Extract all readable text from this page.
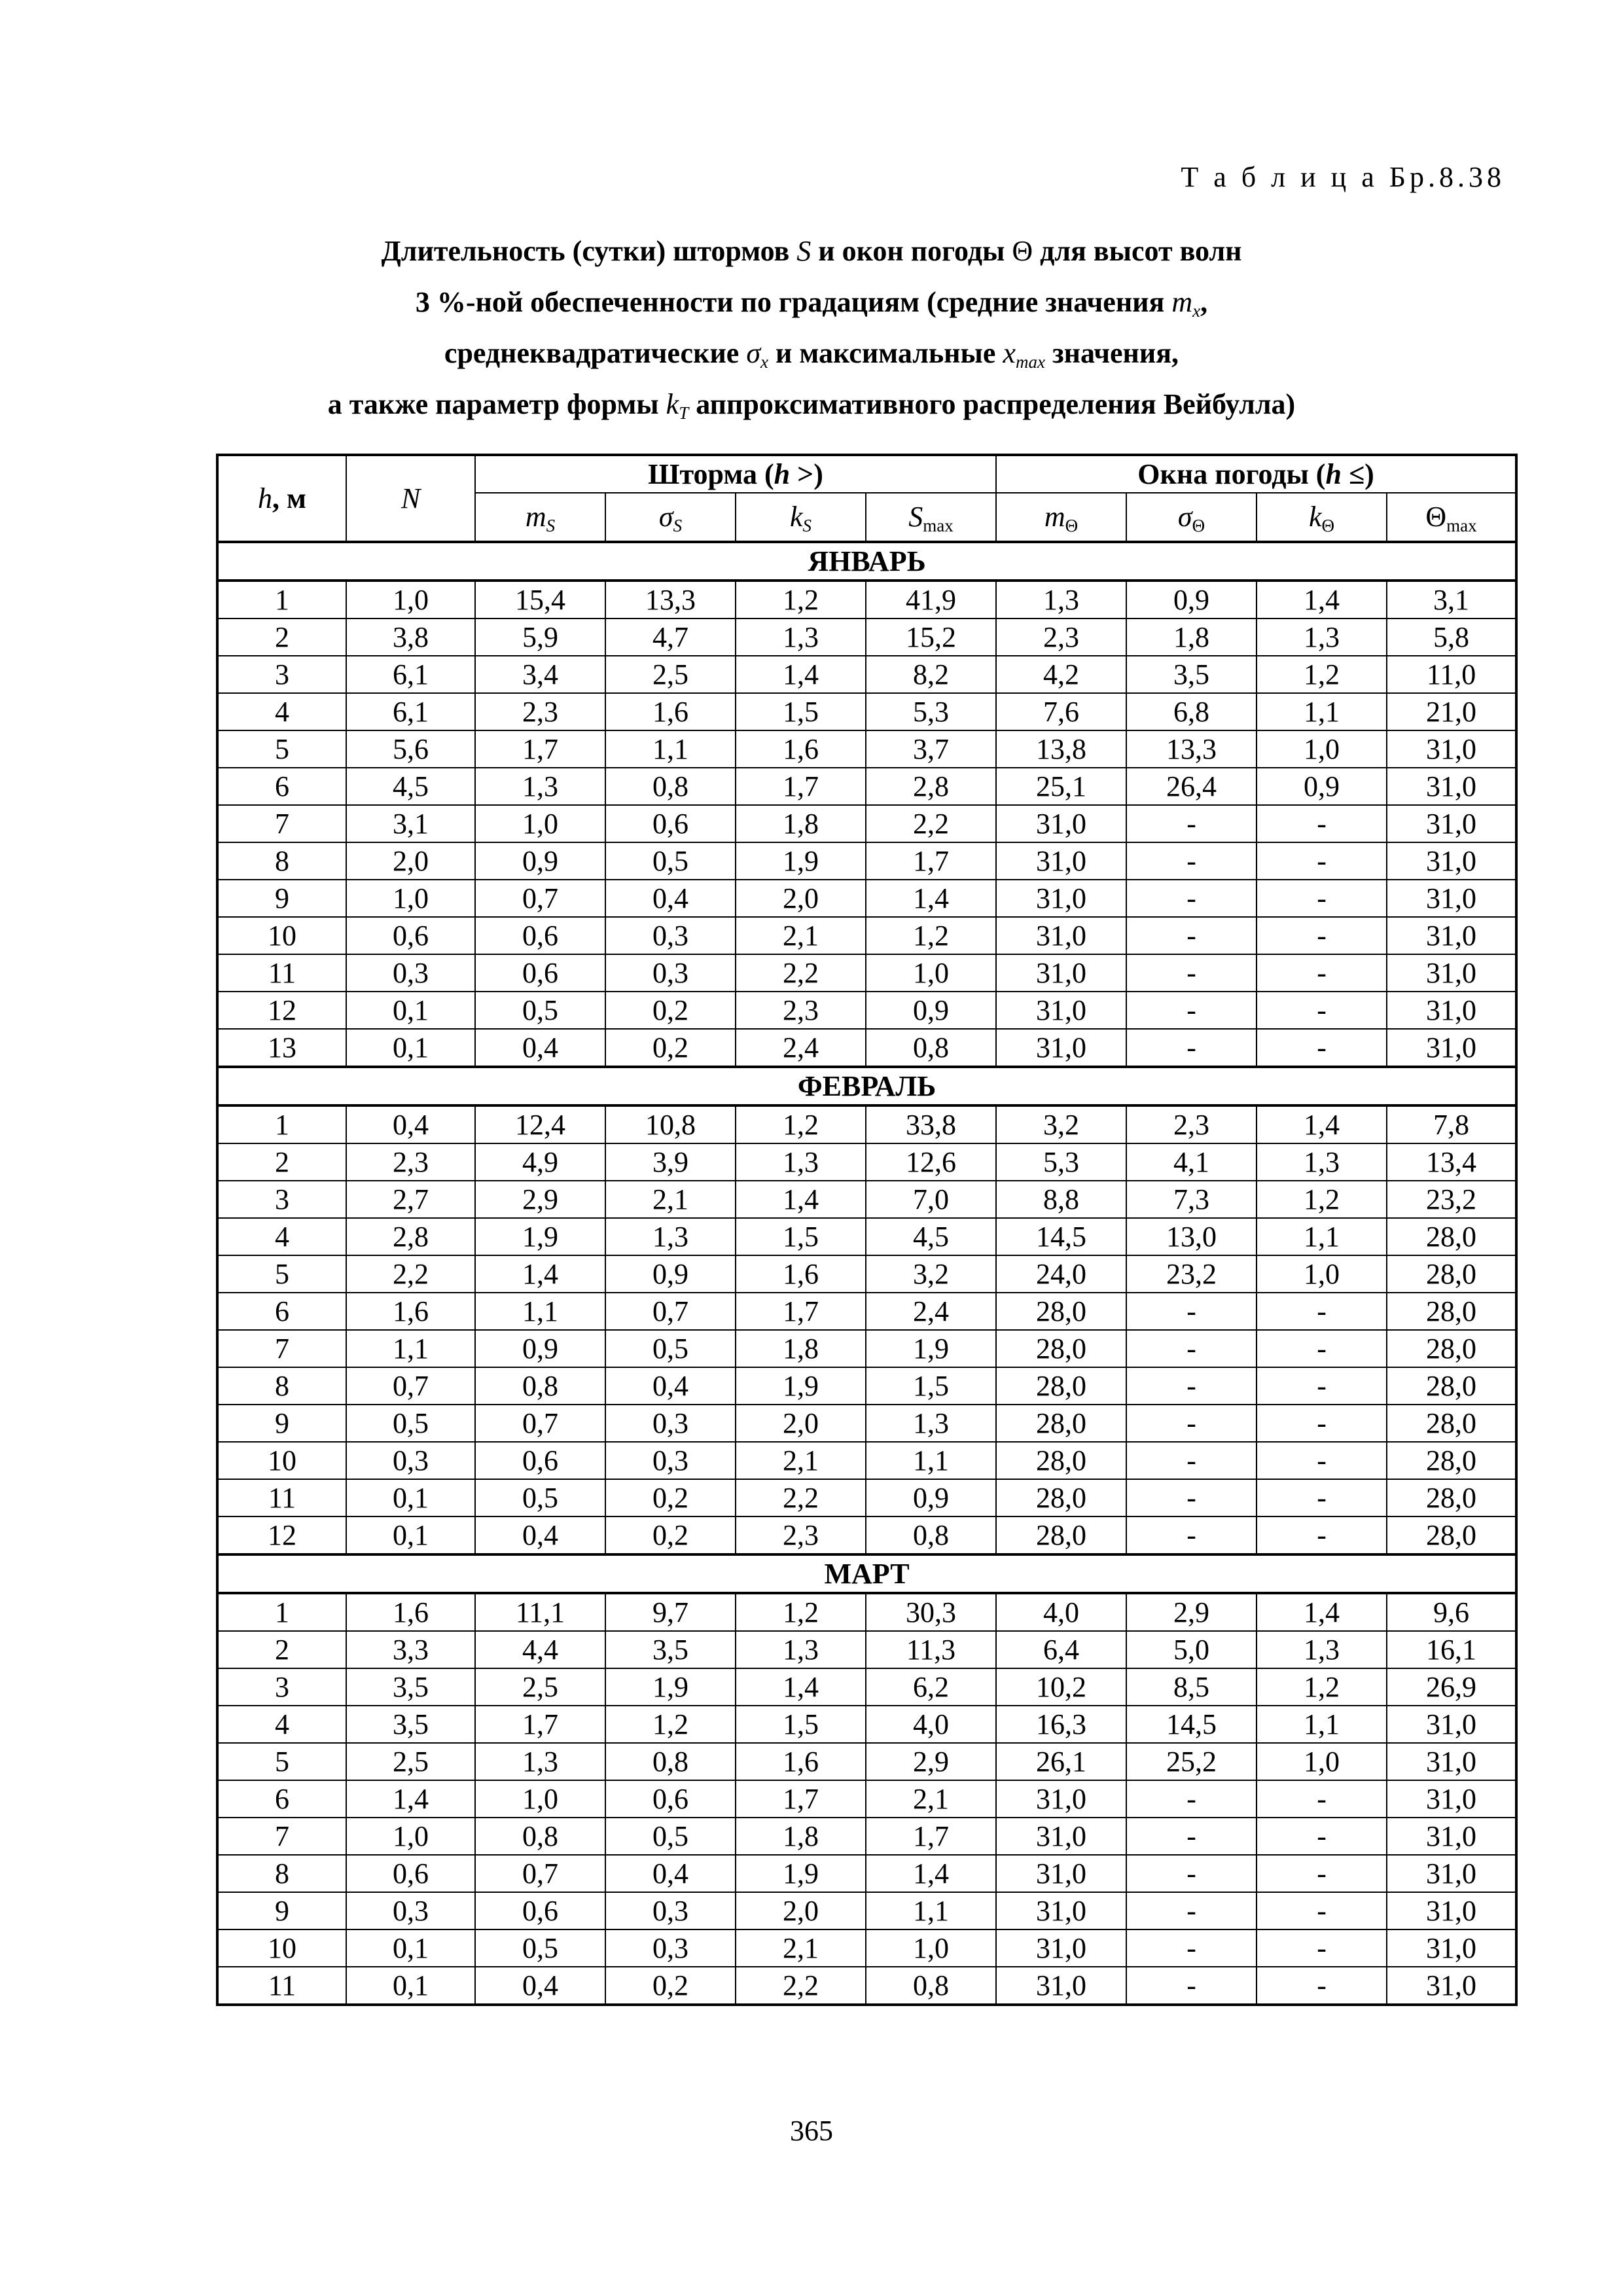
Т а б л и ц а Бр.8.38
Длительность (сутки) штормов S и окон погоды Θ для высот волн
3 %-ной обеспеченности по градациям (средние значения $m_x$,
среднеквадратические $\sigma_x$ и максимальные $x_{max}$ значения,
а также параметр формы $k_T$ аппроксимативного распределения Вейбулла)
h, м	N	Шторма (h >)				Окна погоды (h ≤)			
		$m_S$	$\sigma_S$	$k_S$	$S_{max}$	$m_\Theta$	$\sigma_\Theta$	$k_\Theta$	$\Theta_{max}$
ЯНВАРЬ									
1	1,0	15,4	13,3	1,2	41,9	1,3	0,9	1,4	3,1
2	3,8	5,9	4,7	1,3	15,2	2,3	1,8	1,3	5,8
3	6,1	3,4	2,5	1,4	8,2	4,2	3,5	1,2	11,0
4	6,1	2,3	1,6	1,5	5,3	7,6	6,8	1,1	21,0
5	5,6	1,7	1,1	1,6	3,7	13,8	13,3	1,0	31,0
6	4,5	1,3	0,8	1,7	2,8	25,1	26,4	0,9	31,0
7	3,1	1,0	0,6	1,8	2,2	31,0	-	-	31,0
8	2,0	0,9	0,5	1,9	1,7	31,0	-	-	31,0
9	1,0	0,7	0,4	2,0	1,4	31,0	-	-	31,0
10	0,6	0,6	0,3	2,1	1,2	31,0	-	-	31,0
11	0,3	0,6	0,3	2,2	1,0	31,0	-	-	31,0
12	0,1	0,5	0,2	2,3	0,9	31,0	-	-	31,0
13	0,1	0,4	0,2	2,4	0,8	31,0	-	-	31,0
ФЕВРАЛЬ									
1	0,4	12,4	10,8	1,2	33,8	3,2	2,3	1,4	7,8
2	2,3	4,9	3,9	1,3	12,6	5,3	4,1	1,3	13,4
3	2,7	2,9	2,1	1,4	7,0	8,8	7,3	1,2	23,2
4	2,8	1,9	1,3	1,5	4,5	14,5	13,0	1,1	28,0
5	2,2	1,4	0,9	1,6	3,2	24,0	23,2	1,0	28,0
6	1,6	1,1	0,7	1,7	2,4	28,0	-	-	28,0
7	1,1	0,9	0,5	1,8	1,9	28,0	-	-	28,0
8	0,7	0,8	0,4	1,9	1,5	28,0	-	-	28,0
9	0,5	0,7	0,3	2,0	1,3	28,0	-	-	28,0
10	0,3	0,6	0,3	2,1	1,1	28,0	-	-	28,0
11	0,1	0,5	0,2	2,2	0,9	28,0	-	-	28,0
12	0,1	0,4	0,2	2,3	0,8	28,0	-	-	28,0
МАРТ									
1	1,6	11,1	9,7	1,2	30,3	4,0	2,9	1,4	9,6
2	3,3	4,4	3,5	1,3	11,3	6,4	5,0	1,3	16,1
3	3,5	2,5	1,9	1,4	6,2	10,2	8,5	1,2	26,9
4	3,5	1,7	1,2	1,5	4,0	16,3	14,5	1,1	31,0
5	2,5	1,3	0,8	1,6	2,9	26,1	25,2	1,0	31,0
6	1,4	1,0	0,6	1,7	2,1	31,0	-	-	31,0
7	1,0	0,8	0,5	1,8	1,7	31,0	-	-	31,0
8	0,6	0,7	0,4	1,9	1,4	31,0	-	-	31,0
9	0,3	0,6	0,3	2,0	1,1	31,0	-	-	31,0
10	0,1	0,5	0,3	2,1	1,0	31,0	-	-	31,0
11	0,1	0,4	0,2	2,2	0,8	31,0	-	-	31,0
365
